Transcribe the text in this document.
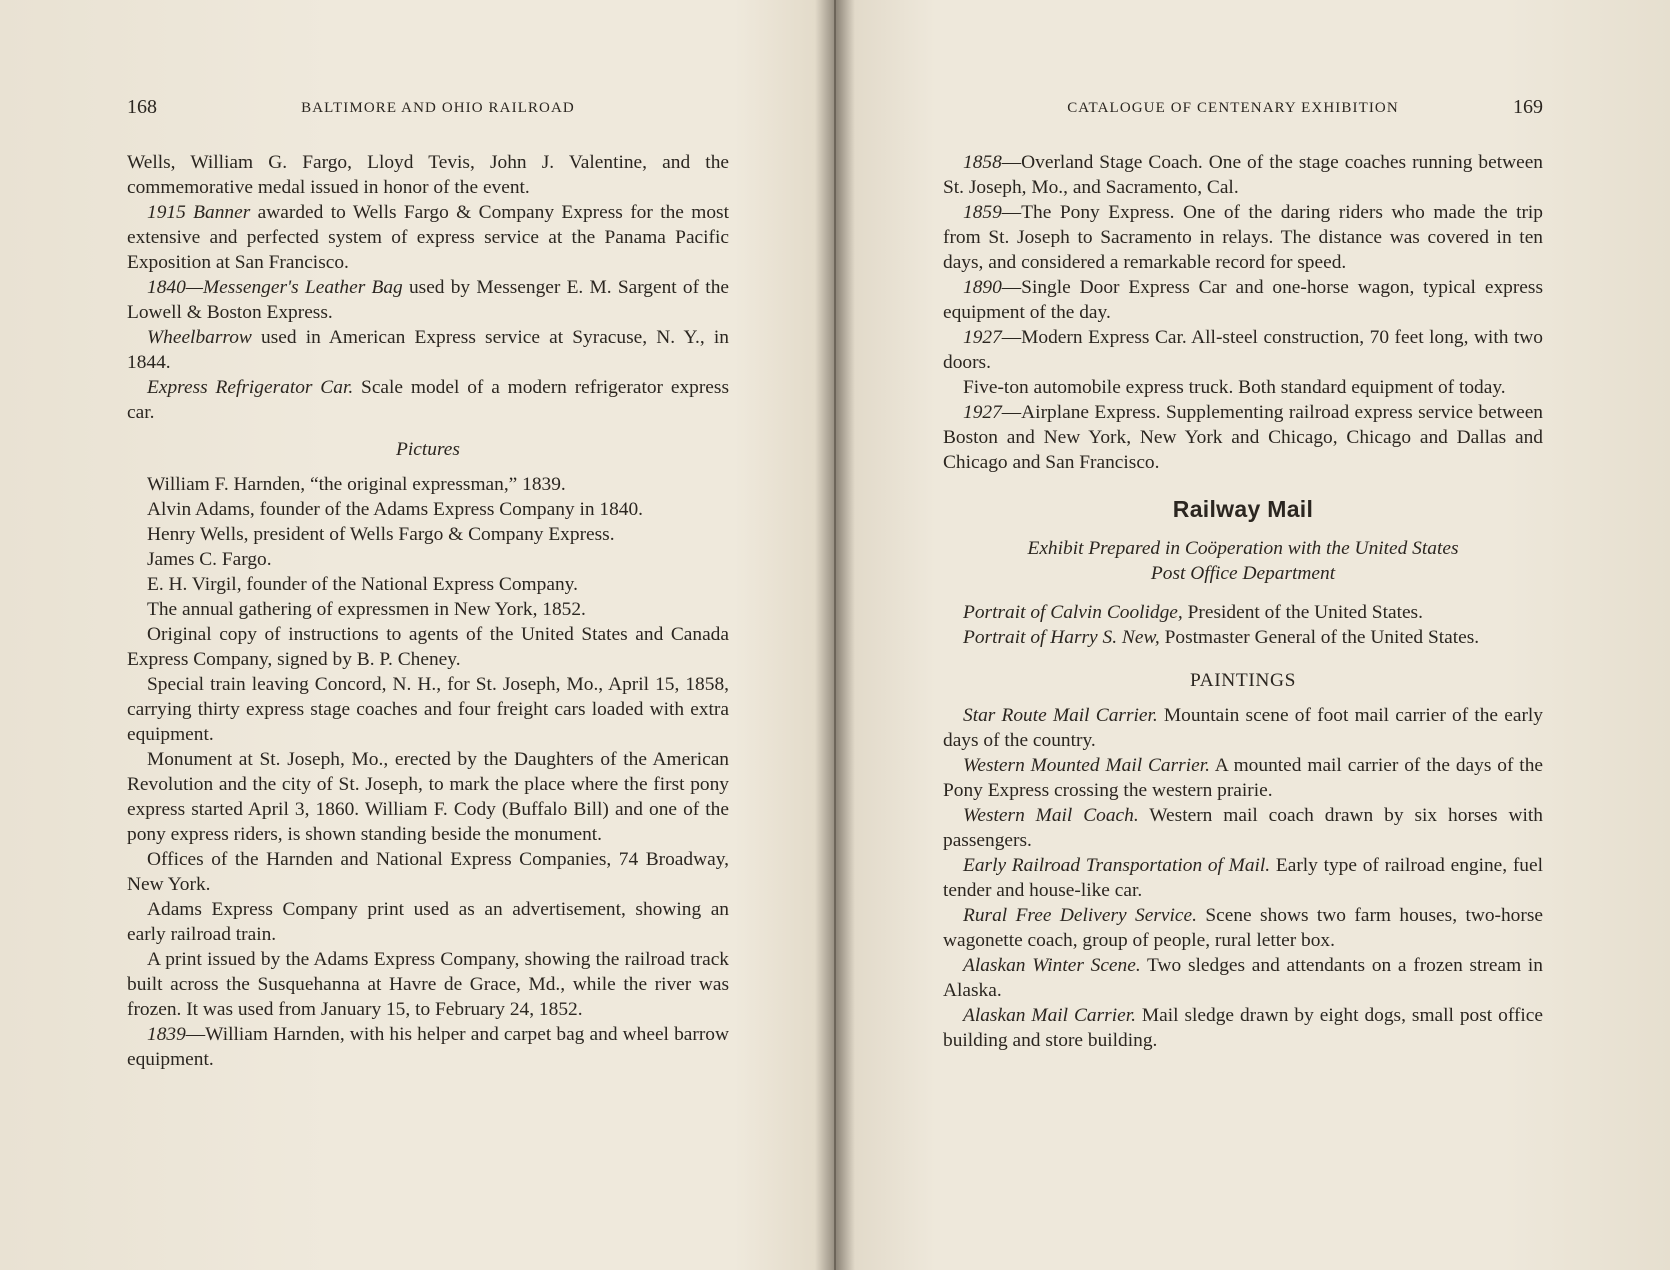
168	BALTIMORE AND OHIO RAILROAD

Wells, William G. Fargo, Lloyd Tevis, John J. Valentine, and the commemorative medal issued in honor of the event.

1915 Banner awarded to Wells Fargo & Company Express for the most extensive and perfected system of express service at the Panama Pacific Exposition at San Francisco.

1840—Messenger's Leather Bag used by Messenger E. M. Sargent of the Lowell & Boston Express.

Wheelbarrow used in American Express service at Syracuse, N. Y., in 1844.

Express Refrigerator Car. Scale model of a modern refrigerator express car.

Pictures

William F. Harnden, “the original expressman,” 1839.

Alvin Adams, founder of the Adams Express Company in 1840.

Henry Wells, president of Wells Fargo & Company Express.

James C. Fargo.

E. H. Virgil, founder of the National Express Company.

The annual gathering of expressmen in New York, 1852.

Original copy of instructions to agents of the United States and Canada Express Company, signed by B. P. Cheney.

Special train leaving Concord, N. H., for St. Joseph, Mo., April 15, 1858, carrying thirty express stage coaches and four freight cars loaded with extra equipment.

Monument at St. Joseph, Mo., erected by the Daughters of the American Revolution and the city of St. Joseph, to mark the place where the first pony express started April 3, 1860. William F. Cody (Buffalo Bill) and one of the pony express riders, is shown standing beside the monument.

Offices of the Harnden and National Express Companies, 74 Broadway, New York.

Adams Express Company print used as an advertisement, showing an early railroad train.

A print issued by the Adams Express Company, showing the railroad track built across the Susquehanna at Havre de Grace, Md., while the river was frozen. It was used from January 15, to February 24, 1852.

1839—William Harnden, with his helper and carpet bag and wheel barrow equipment.

CATALOGUE OF CENTENARY EXHIBITION	169

1858—Overland Stage Coach. One of the stage coaches running between St. Joseph, Mo., and Sacramento, Cal.

1859—The Pony Express. One of the daring riders who made the trip from St. Joseph to Sacramento in relays. The distance was covered in ten days, and considered a remarkable record for speed.

1890—Single Door Express Car and one-horse wagon, typical express equipment of the day.

1927—Modern Express Car. All-steel construction, 70 feet long, with two doors.

Five-ton automobile express truck. Both standard equipment of today.

1927—Airplane Express. Supplementing railroad express service between Boston and New York, New York and Chicago, Chicago and Dallas and Chicago and San Francisco.

Railway Mail
Exhibit Prepared in Coöperation with the United States
Post Office Department

Portrait of Calvin Coolidge, President of the United States.

Portrait of Harry S. New, Postmaster General of the United States.

PAINTINGS

Star Route Mail Carrier. Mountain scene of foot mail carrier of the early days of the country.

Western Mounted Mail Carrier. A mounted mail carrier of the days of the Pony Express crossing the western prairie.

Western Mail Coach. Western mail coach drawn by six horses with passengers.

Early Railroad Transportation of Mail. Early type of railroad engine, fuel tender and house-like car.

Rural Free Delivery Service. Scene shows two farm houses, two-horse wagonette coach, group of people, rural letter box.

Alaskan Winter Scene. Two sledges and attendants on a frozen stream in Alaska.

Alaskan Mail Carrier. Mail sledge drawn by eight dogs, small post office building and store building.
